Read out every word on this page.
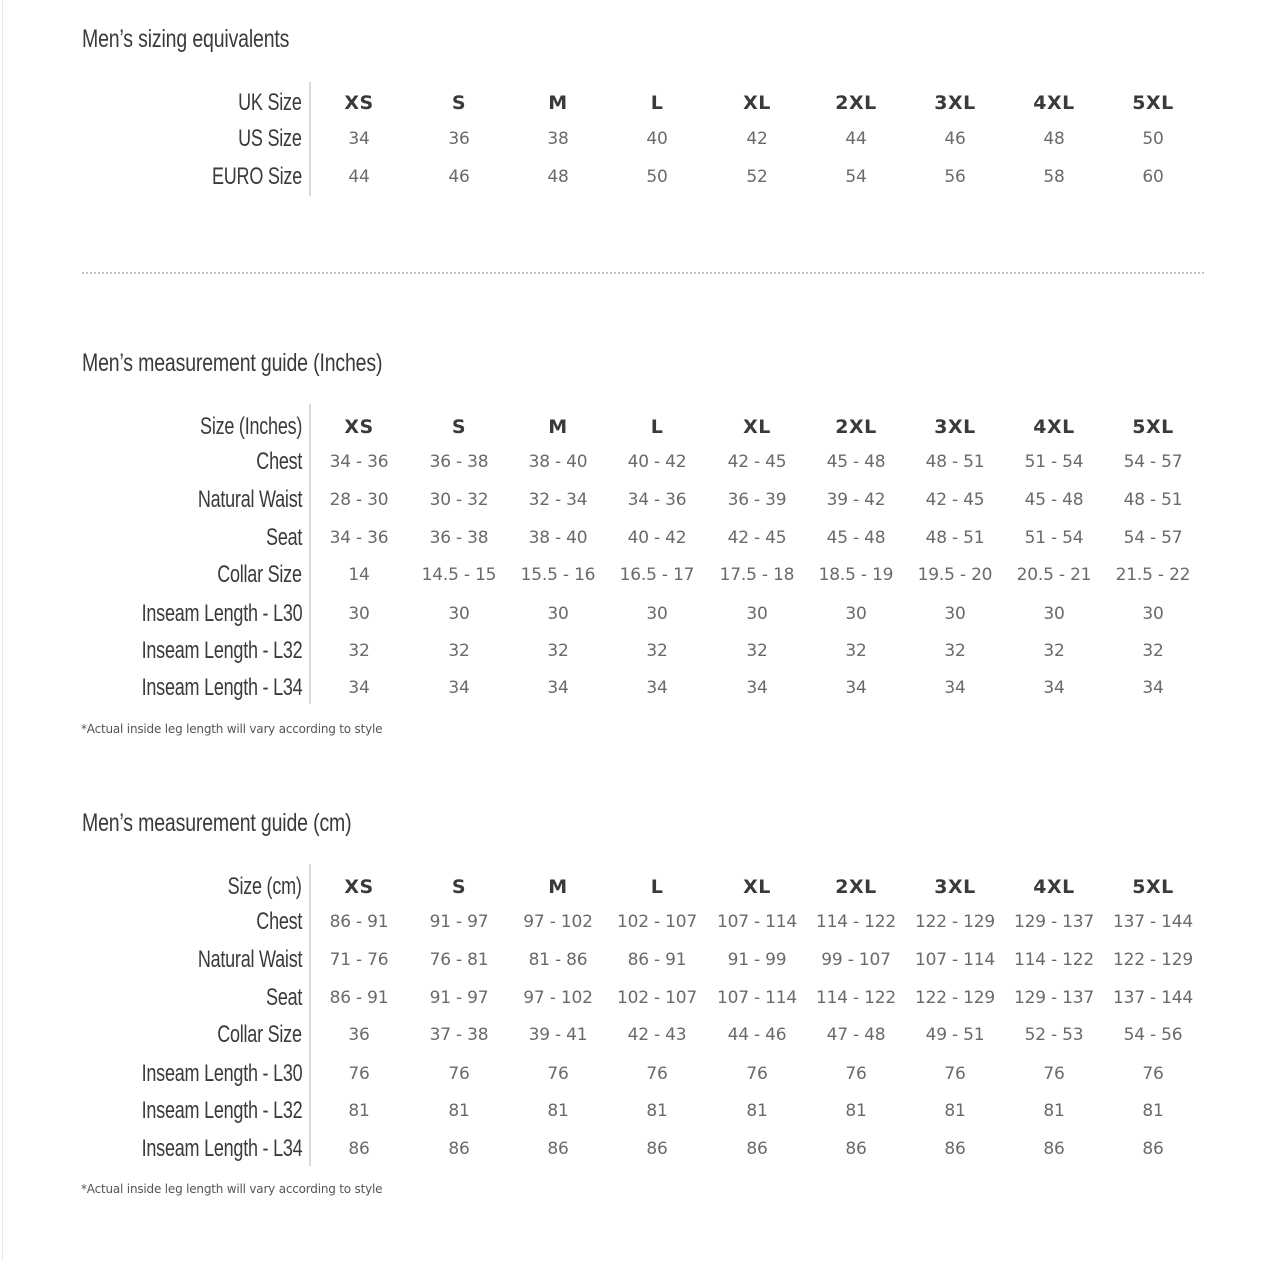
Men’s sizing equivalents
UK Size	XS	S	M	L	XL	2XL	3XL	4XL	5XL
US Size	34	36	38	40	42	44	46	48	50
EURO Size	44	46	48	50	52	54	56	58	60
Men’s measurement guide (Inches)
Size (Inches)	XS	S	M	L	XL	2XL	3XL	4XL	5XL
Chest	34 - 36	36 - 38	38 - 40	40 - 42	42 - 45	45 - 48	48 - 51	51 - 54	54 - 57
Natural Waist	28 - 30	30 - 32	32 - 34	34 - 36	36 - 39	39 - 42	42 - 45	45 - 48	48 - 51
Seat	34 - 36	36 - 38	38 - 40	40 - 42	42 - 45	45 - 48	48 - 51	51 - 54	54 - 57
Collar Size	14	14.5 - 15	15.5 - 16	16.5 - 17	17.5 - 18	18.5 - 19	19.5 - 20	20.5 - 21	21.5 - 22
Inseam Length - L30	30	30	30	30	30	30	30	30	30
Inseam Length - L32	32	32	32	32	32	32	32	32	32
Inseam Length - L34	34	34	34	34	34	34	34	34	34
*Actual inside leg length will vary according to style
Men’s measurement guide (cm)
Size (cm)	XS	S	M	L	XL	2XL	3XL	4XL	5XL
Chest	86 - 91	91 - 97	97 - 102	102 - 107	107 - 114	114 - 122	122 - 129	129 - 137	137 - 144
Natural Waist	71 - 76	76 - 81	81 - 86	86 - 91	91 - 99	99 - 107	107 - 114	114 - 122	122 - 129
Seat	86 - 91	91 - 97	97 - 102	102 - 107	107 - 114	114 - 122	122 - 129	129 - 137	137 - 144
Collar Size	36	37 - 38	39 - 41	42 - 43	44 - 46	47 - 48	49 - 51	52 - 53	54 - 56
Inseam Length - L30	76	76	76	76	76	76	76	76	76
Inseam Length - L32	81	81	81	81	81	81	81	81	81
Inseam Length - L34	86	86	86	86	86	86	86	86	86
*Actual inside leg length will vary according to style
